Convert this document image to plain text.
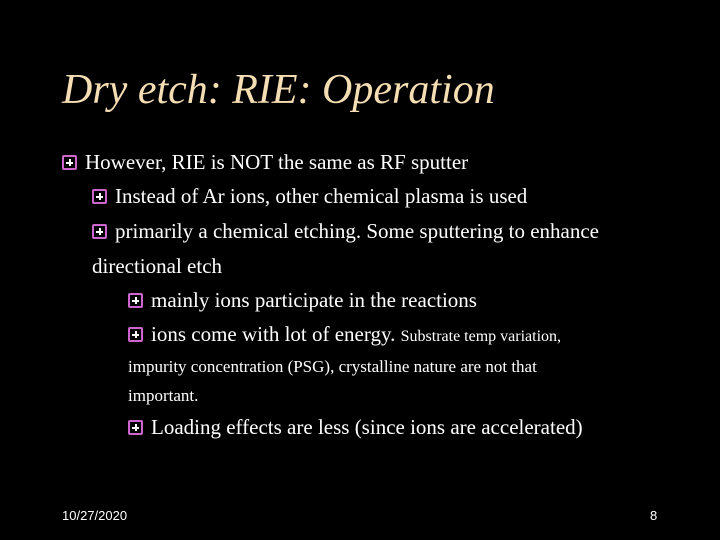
Dry etch: RIE: Operation
However, RIE is NOT the same as RF sputter
Instead of Ar ions, other chemical plasma is used
primarily a chemical etching. Some sputtering to enhance
directional etch
mainly ions participate in the reactions
ions come with lot of energy. Substrate temp variation,
impurity concentration (PSG), crystalline nature are not that
important.
Loading effects are less (since ions are accelerated)
10/27/2020	8
